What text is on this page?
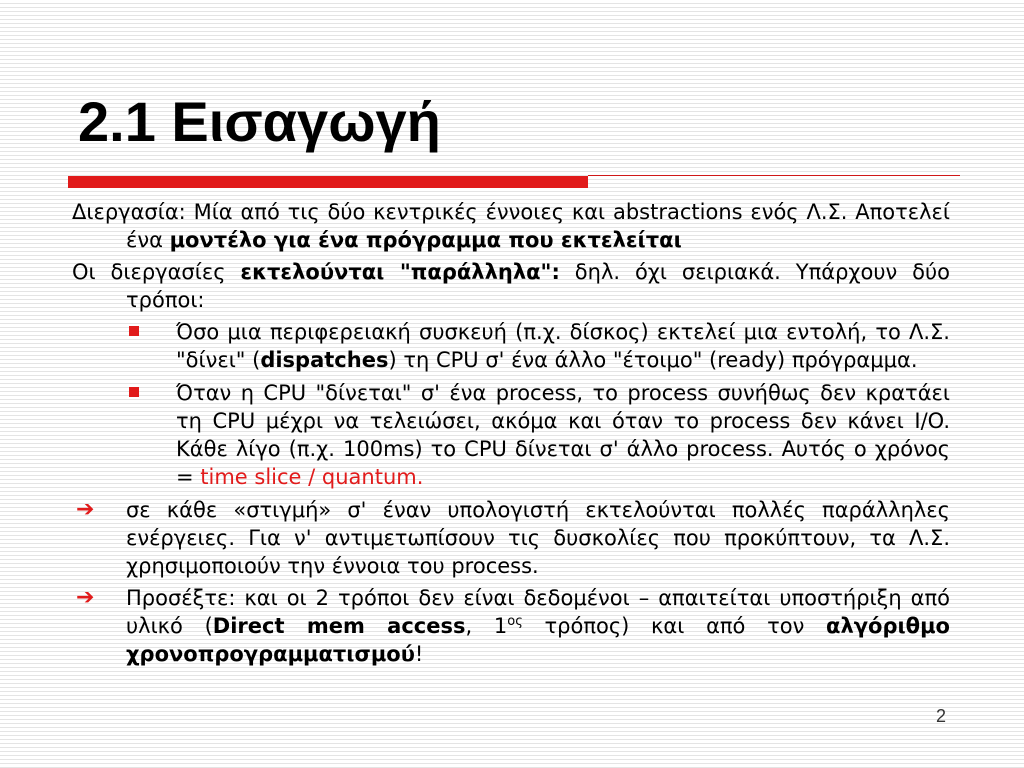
2.1 Εισαγωγή
Διεργασία: Μία από τις δύο κεντρικές έννοιες και abstractions ενός Λ.Σ. Αποτελεί ένα μοντέλο για ένα πρόγραμμα που εκτελείται
Οι διεργασίες εκτελούνται "παράλληλα": δηλ. όχι σειριακά. Υπάρχουν δύο τρόποι:
Όσο μια περιφερειακή συσκευή (π.χ. δίσκος) εκτελεί μια εντολή, το Λ.Σ. "δίνει" (dispatches) τη CPU σ' ένα άλλο "έτοιμο" (ready) πρόγραμμα.
Όταν η CPU "δίνεται" σ' ένα process, το process συνήθως δεν κρατάει τη CPU μέχρι να τελειώσει, ακόμα και όταν το process δεν κάνει I/O. Κάθε λίγο (π.χ. 100ms) το CPU δίνεται σ' άλλο process. Αυτός ο χρόνος = time slice / quantum.
➔ σε κάθε «στιγμή» σ' έναν υπολογιστή εκτελούνται πολλές παράλληλες ενέργειες. Για ν' αντιμετωπίσουν τις δυσκολίες που προκύπτουν, τα Λ.Σ. χρησιμοποιούν την έννοια του process.
➔ Προσέξτε: και οι 2 τρόποι δεν είναι δεδομένοι – απαιτείται υποστήριξη από υλικό (Direct mem access, $1^{o\varsigma}$ τρόπος) και από τον αλγόριθμο χρονοπρογραμματισμού!
2
